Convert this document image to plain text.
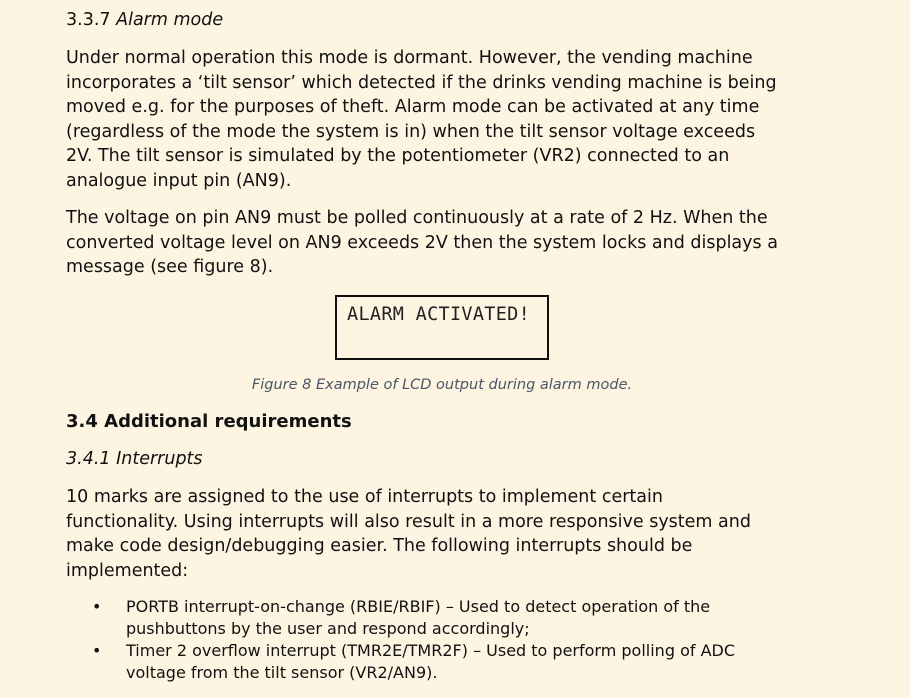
3.3.7 Alarm mode

Under normal operation this mode is dormant. However, the vending machine
incorporates a ‘tilt sensor’ which detected if the drinks vending machine is being
moved e.g. for the purposes of theft. Alarm mode can be activated at any time
(regardless of the mode the system is in) when the tilt sensor voltage exceeds
2V. The tilt sensor is simulated by the potentiometer (VR2) connected to an
analogue input pin (AN9).

The voltage on pin AN9 must be polled continuously at a rate of 2 Hz. When the
converted voltage level on AN9 exceeds 2V then the system locks and displays a
message (see figure 8).

ALARM ACTIVATED!
Figure 8 Example of LCD output during alarm mode.
3.4 Additional requirements
3.4.1 Interrupts

10 marks are assigned to the use of interrupts to implement certain
functionality. Using interrupts will also result in a more responsive system and
make code design/debugging easier. The following interrupts should be
implemented:

• PORTB interrupt-on-change (RBIE/RBIF) – Used to detect operation of the
pushbuttons by the user and respond accordingly;
• Timer 2 overflow interrupt (TMR2E/TMR2F) – Used to perform polling of ADC
voltage from the tilt sensor (VR2/AN9).
